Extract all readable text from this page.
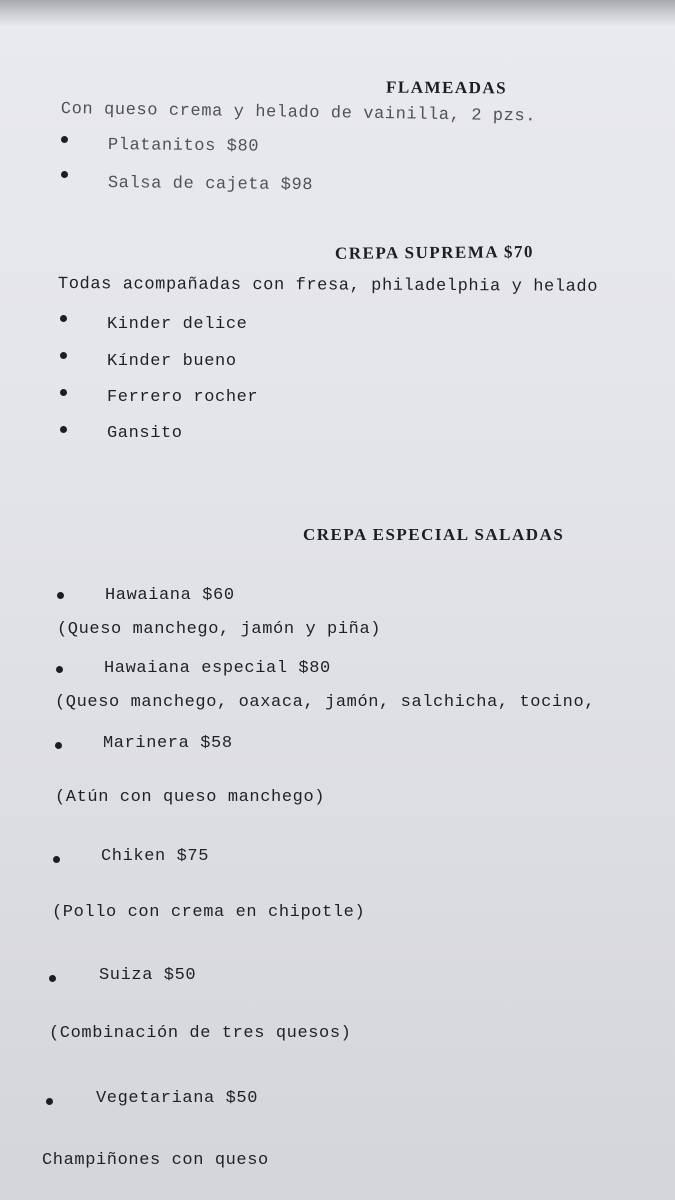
FLAMEADAS
Con queso crema y helado de vainilla, 2 pzs.
Platanitos $80
Salsa de cajeta $98
CREPA SUPREMA $70
Todas acompañadas con fresa, philadelphia y helado
Kinder delice
Kínder bueno
Ferrero rocher
Gansito
CREPA ESPECIAL SALADAS
Hawaiana $60
(Queso manchego, jamón y piña)
Hawaiana especial $80
(Queso manchego, oaxaca, jamón, salchicha, tocino,
Marinera $58
(Atún con queso manchego)
Chiken $75
(Pollo con crema en chipotle)
Suiza $50
(Combinación de tres quesos)
Vegetariana $50
Champiñones con queso
